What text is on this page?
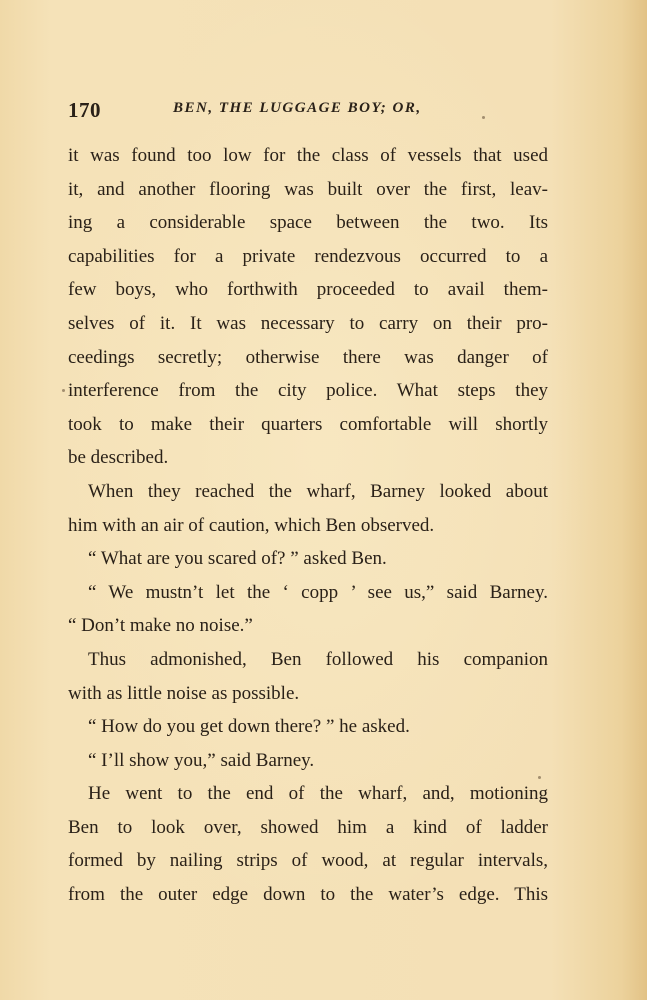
170	BEN, THE LUGGAGE BOY; OR,
it was found too low for the class of vessels that used
it, and another flooring was built over the first, leav-
ing a considerable space between the two. Its
capabilities for a private rendezvous occurred to a
few boys, who forthwith proceeded to avail them-
selves of it. It was necessary to carry on their pro-
ceedings secretly; otherwise there was danger of
interference from the city police. What steps they
took to make their quarters comfortable will shortly
be described.
When they reached the wharf, Barney looked about
him with an air of caution, which Ben observed.
“ What are you scared of? ” asked Ben.
“ We mustn’t let the ‘ copp ’ see us,” said Barney.
“ Don’t make no noise.”
Thus admonished, Ben followed his companion
with as little noise as possible.
“ How do you get down there? ” he asked.
“ I’ll show you,” said Barney.
He went to the end of the wharf, and, motioning
Ben to look over, showed him a kind of ladder
formed by nailing strips of wood, at regular intervals,
from the outer edge down to the water’s edge. This
